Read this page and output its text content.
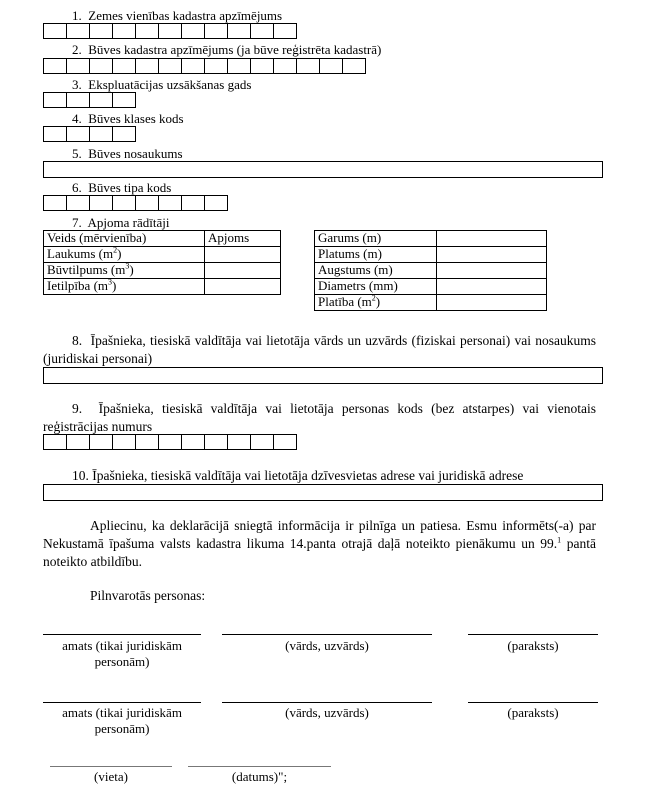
1. Zemes vienības kadastra apzīmējums
2. Būves kadastra apzīmējums (ja būve reģistrēta kadastrā)
3. Ekspluatācijas uzsākšanas gads
4. Būves klases kods
5. Būves nosaukums
6. Būves tipa kods
7. Apjoma rādītāji
Veids (mērvienība)	Apjoms
Laukums $(m^2)$	
Būvtilpums $(m^3)$	
Ietilpība $(m^3)$	
Garums (m)	
Platums (m)	
Augstums (m)	
Diametrs (mm)	
Platība $(m^2)$	
8. Īpašnieka, tiesiskā valdītāja vai lietotāja vārds un uzvārds (fiziskai personai) vai nosaukums (juridiskai personai)
9. Īpašnieka, tiesiskā valdītāja vai lietotāja personas kods (bez atstarpes) vai vienotais reģistrācijas numurs
10. Īpašnieka, tiesiskā valdītāja vai lietotāja dzīvesvietas adrese vai juridiskā adrese
Apliecinu, ka deklarācijā sniegtā informācija ir pilnīga un patiesa. Esmu informēts(-a) par Nekustamā īpašuma valsts kadastra likuma 14.panta otrajā daļā noteikto pienākumu un 99.$^1$ pantā noteikto atbildību.
Pilnvarotās personas:
amats (tikai juridiskām personām)
(vārds, uzvārds)	(paraksts)
amats (tikai juridiskām personām)
(vārds, uzvārds)	(paraksts)
(vieta)	(datums)";
